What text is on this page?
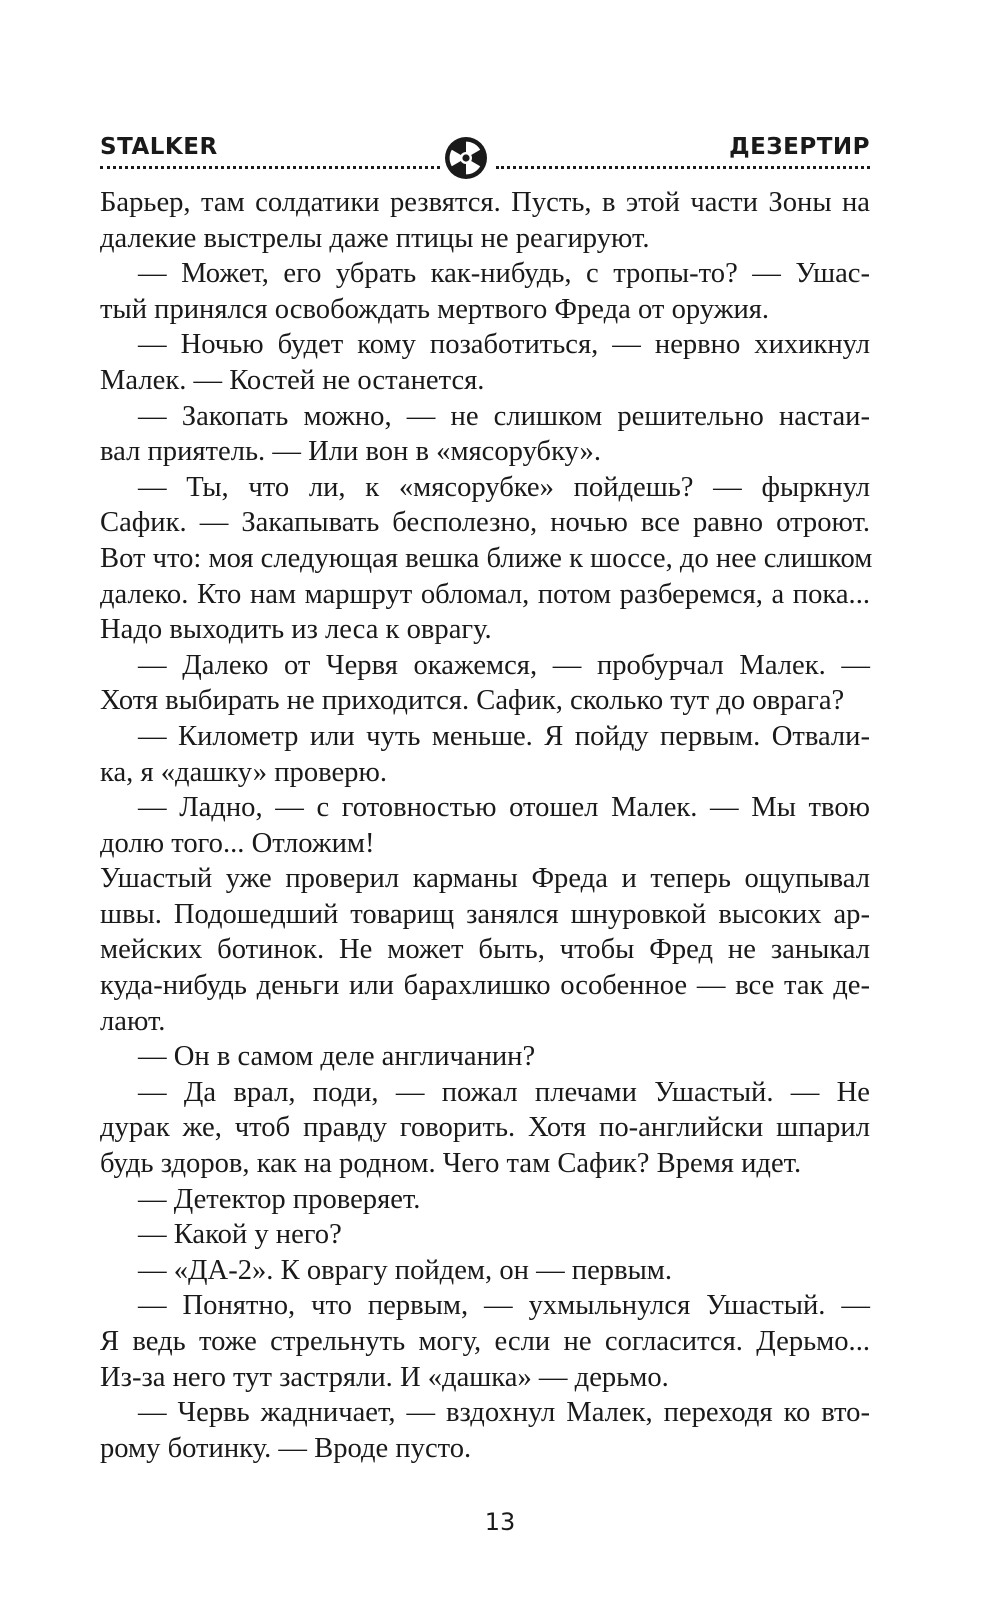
STALKER	ДЕЗЕРТИР
Барьер, там солдатики резвятся. Пусть, в этой части Зоны на
далекие выстрелы даже птицы не реагируют.
— Может, его убрать как-нибудь, с тропы-то? — Ушас-
тый принялся освобождать мертвого Фреда от оружия.
— Ночью будет кому позаботиться, — нервно хихикнул
Малек. — Костей не останется.
— Закопать можно, — не слишком решительно настаи-
вал приятель. — Или вон в «мясорубку».
— Ты, что ли, к «мясорубке» пойдешь? — фыркнул
Сафик. — Закапывать бесполезно, ночью все равно отроют.
Вот что: моя следующая вешка ближе к шоссе, до нее слишком
далеко. Кто нам маршрут обломал, потом разберемся, а пока...
Надо выходить из леса к оврагу.
— Далеко от Червя окажемся, — пробурчал Малек. —
Хотя выбирать не приходится. Сафик, сколько тут до оврага?
— Километр или чуть меньше. Я пойду первым. Отвали-
ка, я «дашку» проверю.
— Ладно, — с готовностью отошел Малек. — Мы твою
долю того... Отложим!
Ушастый уже проверил карманы Фреда и теперь ощупывал
швы. Подошедший товарищ занялся шнуровкой высоких ар-
мейских ботинок. Не может быть, чтобы Фред не заныкал
куда-нибудь деньги или барахлишко особенное — все так де-
лают.
— Он в самом деле англичанин?
— Да врал, поди, — пожал плечами Ушастый. — Не
дурак же, чтоб правду говорить. Хотя по-английски шпарил
будь здоров, как на родном. Чего там Сафик? Время идет.
— Детектор проверяет.
— Какой у него?
— «ДА-2». К оврагу пойдем, он — первым.
— Понятно, что первым, — ухмыльнулся Ушастый. —
Я ведь тоже стрельнуть могу, если не согласится. Дерьмо...
Из-за него тут застряли. И «дашка» — дерьмо.
— Червь жадничает, — вздохнул Малек, переходя ко вто-
рому ботинку. — Вроде пусто.
13
